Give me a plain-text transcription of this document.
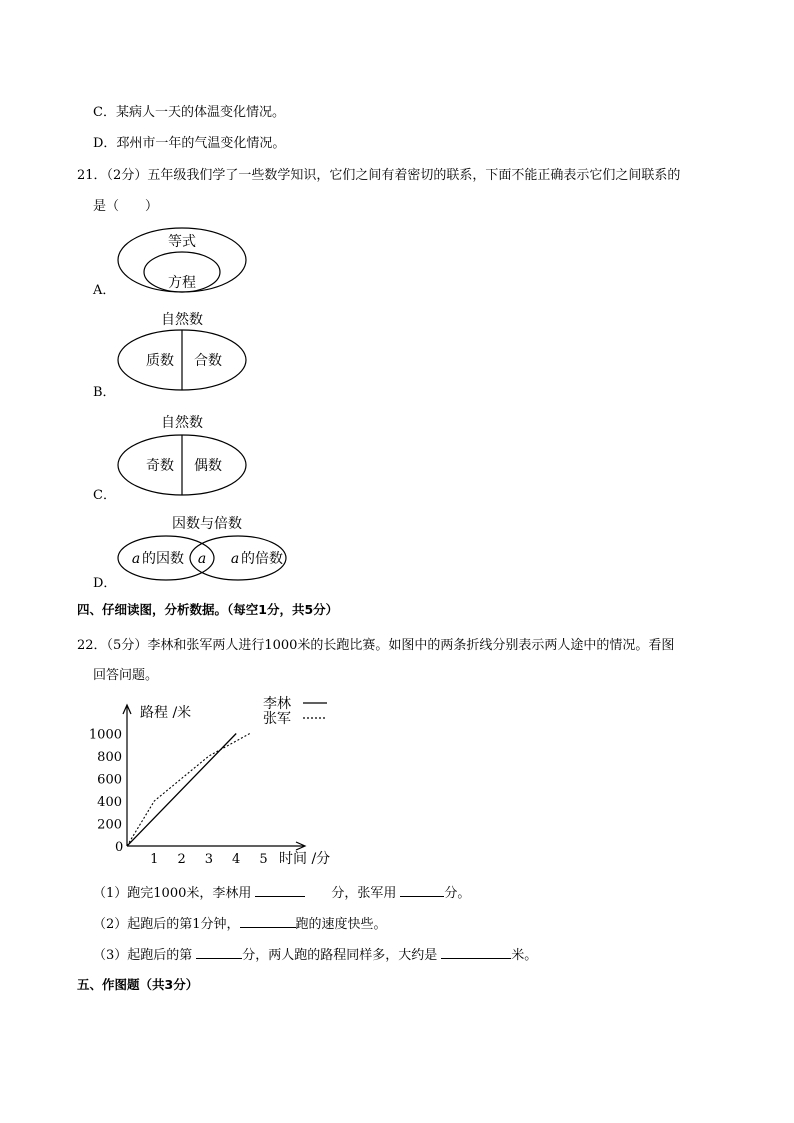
C．某病人一天的体温变化情况。
D．邳州市一年的气温变化情况。
21．（2分）五年级我们学了一些数学知识，它们之间有着密切的联系，下面不能正确表示它们之间联系的
是（　　）
等式
方程
A．
自然数
质数 合数
B．
自然数
奇数 偶数
C．
因数与倍数
a 的因数 a a 的倍数
D．
四、仔细读图，分析数据。（每空1分，共5分）
22．（5分）李林和张军两人进行1000米的长跑比赛。如图中的两条折线分别表示两人途中的情况。看图
回答问题。
路程 /米
时间 /分
0
1 2 3 4 5
200
400
600
800
1000
李林
张军
（1）跑完1000米，李林用	分，张军用	分。
（2）起跑后的第1分钟，	跑的速度快些。
（3）起跑后的第	分，两人跑的路程同样多，大约是	米。
五、作图题（共3分）
